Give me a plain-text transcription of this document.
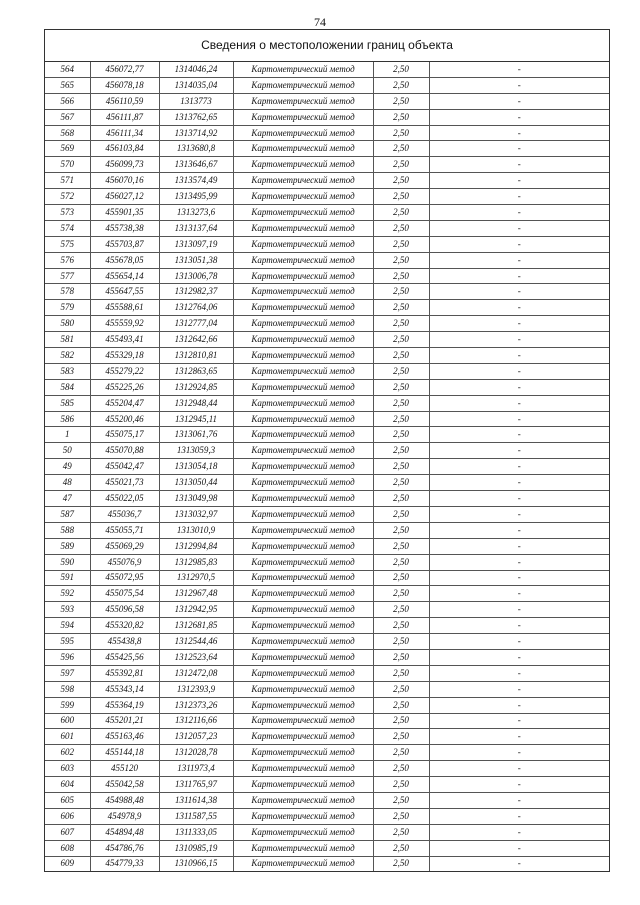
74
Сведения о местоположении границ объекта
564	456072,77	1314046,24	Картометрический метод	2,50	-
565	456078,18	1314035,04	Картометрический метод	2,50	-
566	456110,59	1313773	Картометрический метод	2,50	-
567	456111,87	1313762,65	Картометрический метод	2,50	-
568	456111,34	1313714,92	Картометрический метод	2,50	-
569	456103,84	1313680,8	Картометрический метод	2,50	-
570	456099,73	1313646,67	Картометрический метод	2,50	-
571	456070,16	1313574,49	Картометрический метод	2,50	-
572	456027,12	1313495,99	Картометрический метод	2,50	-
573	455901,35	1313273,6	Картометрический метод	2,50	-
574	455738,38	1313137,64	Картометрический метод	2,50	-
575	455703,87	1313097,19	Картометрический метод	2,50	-
576	455678,05	1313051,38	Картометрический метод	2,50	-
577	455654,14	1313006,78	Картометрический метод	2,50	-
578	455647,55	1312982,37	Картометрический метод	2,50	-
579	455588,61	1312764,06	Картометрический метод	2,50	-
580	455559,92	1312777,04	Картометрический метод	2,50	-
581	455493,41	1312642,66	Картометрический метод	2,50	-
582	455329,18	1312810,81	Картометрический метод	2,50	-
583	455279,22	1312863,65	Картометрический метод	2,50	-
584	455225,26	1312924,85	Картометрический метод	2,50	-
585	455204,47	1312948,44	Картометрический метод	2,50	-
586	455200,46	1312945,11	Картометрический метод	2,50	-
1	455075,17	1313061,76	Картометрический метод	2,50	-
50	455070,88	1313059,3	Картометрический метод	2,50	-
49	455042,47	1313054,18	Картометрический метод	2,50	-
48	455021,73	1313050,44	Картометрический метод	2,50	-
47	455022,05	1313049,98	Картометрический метод	2,50	-
587	455036,7	1313032,97	Картометрический метод	2,50	-
588	455055,71	1313010,9	Картометрический метод	2,50	-
589	455069,29	1312994,84	Картометрический метод	2,50	-
590	455076,9	1312985,83	Картометрический метод	2,50	-
591	455072,95	1312970,5	Картометрический метод	2,50	-
592	455075,54	1312967,48	Картометрический метод	2,50	-
593	455096,58	1312942,95	Картометрический метод	2,50	-
594	455320,82	1312681,85	Картометрический метод	2,50	-
595	455438,8	1312544,46	Картометрический метод	2,50	-
596	455425,56	1312523,64	Картометрический метод	2,50	-
597	455392,81	1312472,08	Картометрический метод	2,50	-
598	455343,14	1312393,9	Картометрический метод	2,50	-
599	455364,19	1312373,26	Картометрический метод	2,50	-
600	455201,21	1312116,66	Картометрический метод	2,50	-
601	455163,46	1312057,23	Картометрический метод	2,50	-
602	455144,18	1312028,78	Картометрический метод	2,50	-
603	455120	1311973,4	Картометрический метод	2,50	-
604	455042,58	1311765,97	Картометрический метод	2,50	-
605	454988,48	1311614,38	Картометрический метод	2,50	-
606	454978,9	1311587,55	Картометрический метод	2,50	-
607	454894,48	1311333,05	Картометрический метод	2,50	-
608	454786,76	1310985,19	Картометрический метод	2,50	-
609	454779,33	1310966,15	Картометрический метод	2,50	-
